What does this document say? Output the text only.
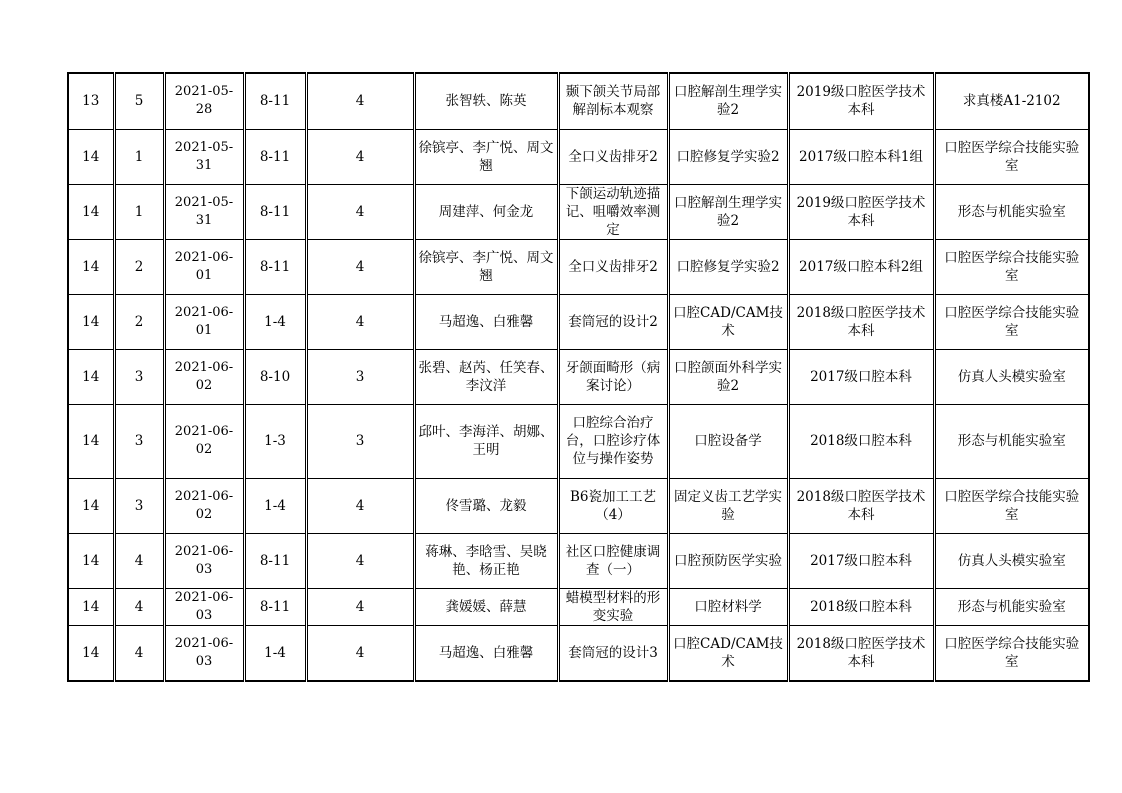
13	5	2021-05-28	8-11	4	张智轶、陈英	颞下颌关节局部解剖标本观察	口腔解剖生理学实验2	2019级口腔医学技术本科	求真楼A1-2102
14	1	2021-05-31	8-11	4	徐镔亭、李广悦、周文翘	全口义齿排牙2	口腔修复学实验2	2017级口腔本科1组	口腔医学综合技能实验室
14	1	2021-05-31	8-11	4	周建萍、何金龙	下颌运动轨迹描记、咀嚼效率测定	口腔解剖生理学实验2	2019级口腔医学技术本科	形态与机能实验室
14	2	2021-06-01	8-11	4	徐镔亭、李广悦、周文翘	全口义齿排牙2	口腔修复学实验2	2017级口腔本科2组	口腔医学综合技能实验室
14	2	2021-06-01	1-4	4	马超逸、白雅馨	套筒冠的设计2	口腔CAD/CAM技术	2018级口腔医学技术本科	口腔医学综合技能实验室
14	3	2021-06-02	8-10	3	张碧、赵芮、任笑春、李汶洋	牙颌面畸形（病案讨论）	口腔颌面外科学实验2	2017级口腔本科	仿真人头模实验室
14	3	2021-06-02	1-3	3	邱叶、李海洋、胡娜、王明	口腔综合治疗台，口腔诊疗体位与操作姿势	口腔设备学	2018级口腔本科	形态与机能实验室
14	3	2021-06-02	1-4	4	佟雪璐、龙毅	B6瓷加工工艺（4）	固定义齿工艺学实验	2018级口腔医学技术本科	口腔医学综合技能实验室
14	4	2021-06-03	8-11	4	蒋琳、李晗雪、吴晓艳、杨正艳	社区口腔健康调查（一）	口腔预防医学实验	2017级口腔本科	仿真人头模实验室
14	4	2021-06-03	8-11	4	龚媛媛、薛慧	蜡模型材料的形变实验	口腔材料学	2018级口腔本科	形态与机能实验室
14	4	2021-06-03	1-4	4	马超逸、白雅馨	套筒冠的设计3	口腔CAD/CAM技术	2018级口腔医学技术本科	口腔医学综合技能实验室
